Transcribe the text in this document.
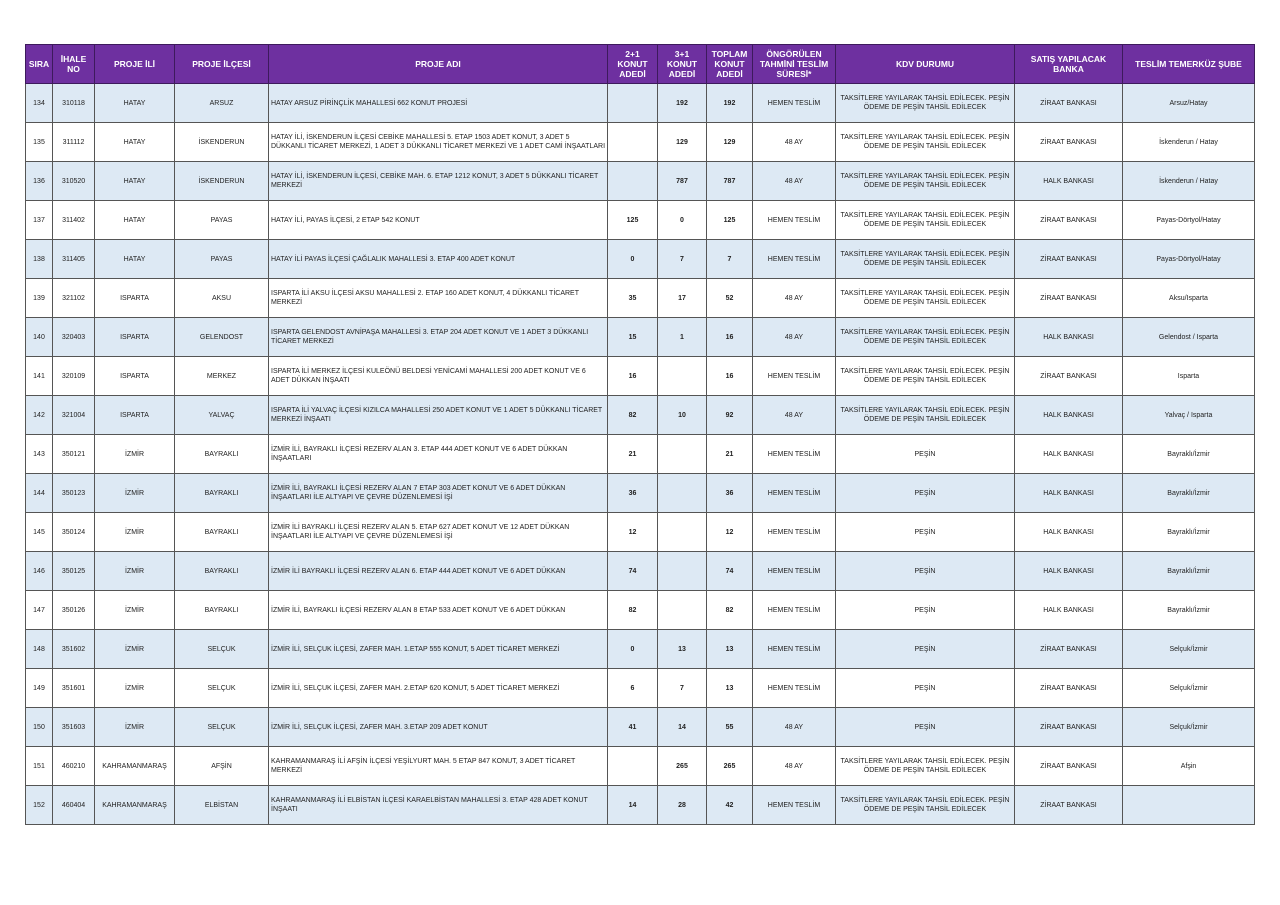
SIRA	İHALE NO	PROJE İLİ	PROJE İLÇESİ	PROJE ADI	2+1 KONUT ADEDİ	3+1 KONUT ADEDİ	TOPLAM KONUT ADEDİ	ÖNGÖRÜLEN TAHMİNİ TESLİM SÜRESİ*	KDV DURUMU	SATIŞ YAPILACAK BANKA	TESLİM TEMERKÜZ ŞUBE
134	310118	HATAY	ARSUZ	HATAY ARSUZ PİRİNÇLİK MAHALLESİ 662 KONUT PROJESİ		192	192	HEMEN TESLİM	TAKSİTLERE YAYILARAK TAHSİL EDİLECEK. PEŞİN ÖDEME DE PEŞİN TAHSİL EDİLECEK	ZİRAAT BANKASI	Arsuz/Hatay
135	311112	HATAY	İSKENDERUN	HATAY İLİ, İSKENDERUN İLÇESİ CEBİKE MAHALLESİ 5. ETAP 1503 ADET KONUT, 3 ADET 5 DÜKKANLI TİCARET MERKEZİ, 1 ADET 3 DÜKKANLI TİCARET MERKEZİ VE 1 ADET CAMİ İNŞAATLARI		129	129	48 AY	TAKSİTLERE YAYILARAK TAHSİL EDİLECEK. PEŞİN ÖDEME DE PEŞİN TAHSİL EDİLECEK	ZİRAAT BANKASI	İskenderun / Hatay
136	310520	HATAY	İSKENDERUN	HATAY İLİ, İSKENDERUN İLÇESİ, CEBİKE MAH. 6. ETAP 1212 KONUT, 3 ADET 5 DÜKKANLI TİCARET MERKEZİ		787	787	48 AY	TAKSİTLERE YAYILARAK TAHSİL EDİLECEK. PEŞİN ÖDEME DE PEŞİN TAHSİL EDİLECEK	HALK BANKASI	İskenderun / Hatay
137	311402	HATAY	PAYAS	HATAY İLİ, PAYAS İLÇESİ, 2 ETAP 542 KONUT	125	0	125	HEMEN TESLİM	TAKSİTLERE YAYILARAK TAHSİL EDİLECEK. PEŞİN ÖDEME DE PEŞİN TAHSİL EDİLECEK	ZİRAAT BANKASI	Payas-Dörtyol/Hatay
138	311405	HATAY	PAYAS	HATAY İLİ PAYAS İLÇESİ ÇAĞLALIK MAHALLESİ 3. ETAP 400 ADET KONUT	0	7	7	HEMEN TESLİM	TAKSİTLERE YAYILARAK TAHSİL EDİLECEK. PEŞİN ÖDEME DE PEŞİN TAHSİL EDİLECEK	ZİRAAT BANKASI	Payas-Dörtyol/Hatay
139	321102	ISPARTA	AKSU	ISPARTA İLİ AKSU İLÇESİ AKSU MAHALLESİ 2. ETAP 160 ADET KONUT, 4 DÜKKANLI TİCARET MERKEZİ	35	17	52	48 AY	TAKSİTLERE YAYILARAK TAHSİL EDİLECEK. PEŞİN ÖDEME DE PEŞİN TAHSİL EDİLECEK	ZİRAAT BANKASI	Aksu/Isparta
140	320403	ISPARTA	GELENDOST	ISPARTA GELENDOST AVNİPAŞA MAHALLESİ 3. ETAP 204 ADET KONUT VE 1 ADET 3 DÜKKANLI TİCARET MERKEZİ	15	1	16	48 AY	TAKSİTLERE YAYILARAK TAHSİL EDİLECEK. PEŞİN ÖDEME DE PEŞİN TAHSİL EDİLECEK	HALK BANKASI	Gelendost / Isparta
141	320109	ISPARTA	MERKEZ	ISPARTA İLİ MERKEZ İLÇESİ KULEÖNÜ BELDESİ YENİCAMİ MAHALLESİ 200 ADET KONUT VE 6 ADET DÜKKAN İNŞAATI	16		16	HEMEN TESLİM	TAKSİTLERE YAYILARAK TAHSİL EDİLECEK. PEŞİN ÖDEME DE PEŞİN TAHSİL EDİLECEK	ZİRAAT BANKASI	Isparta
142	321004	ISPARTA	YALVAÇ	ISPARTA İLİ YALVAÇ İLÇESİ KIZILCA MAHALLESİ 250 ADET KONUT VE 1 ADET 5 DÜKKANLI TİCARET MERKEZİ İNŞAATI	82	10	92	48 AY	TAKSİTLERE YAYILARAK TAHSİL EDİLECEK. PEŞİN ÖDEME DE PEŞİN TAHSİL EDİLECEK	HALK BANKASI	Yalvaç / Isparta
143	350121	İZMİR	BAYRAKLI	İZMİR İLİ, BAYRAKLI İLÇESİ REZERV ALAN 3. ETAP 444 ADET KONUT VE 6 ADET DÜKKAN İNŞAATLARI	21		21	HEMEN TESLİM	PEŞİN	HALK BANKASI	Bayraklı/İzmir
144	350123	İZMİR	BAYRAKLI	İZMİR İLİ, BAYRAKLI İLÇESİ REZERV ALAN 7 ETAP 303 ADET KONUT VE 6 ADET DÜKKAN İNŞAATLARI İLE ALTYAPI VE ÇEVRE DÜZENLEMESİ İŞİ	36		36	HEMEN TESLİM	PEŞİN	HALK BANKASI	Bayraklı/İzmir
145	350124	İZMİR	BAYRAKLI	İZMİR İLİ BAYRAKLI İLÇESİ REZERV ALAN 5. ETAP 627 ADET KONUT VE 12 ADET DÜKKAN İNŞAATLARI İLE ALTYAPI VE ÇEVRE DÜZENLEMESİ İŞİ	12		12	HEMEN TESLİM	PEŞİN	HALK BANKASI	Bayraklı/İzmir
146	350125	İZMİR	BAYRAKLI	İZMİR İLİ BAYRAKLI İLÇESİ REZERV ALAN 6. ETAP 444 ADET KONUT VE 6 ADET DÜKKAN	74		74	HEMEN TESLİM	PEŞİN	HALK BANKASI	Bayraklı/İzmir
147	350126	İZMİR	BAYRAKLI	İZMİR İLİ, BAYRAKLI İLÇESİ REZERV ALAN 8 ETAP 533 ADET KONUT VE 6 ADET DÜKKAN	82		82	HEMEN TESLİM	PEŞİN	HALK BANKASI	Bayraklı/İzmir
148	351602	İZMİR	SELÇUK	İZMİR İLİ, SELÇUK İLÇESİ, ZAFER MAH. 1.ETAP 555 KONUT, 5 ADET TİCARET MERKEZİ	0	13	13	HEMEN TESLİM	PEŞİN	ZİRAAT BANKASI	Selçuk/İzmir
149	351601	İZMİR	SELÇUK	İZMİR İLİ, SELÇUK İLÇESİ, ZAFER MAH. 2.ETAP 620 KONUT, 5 ADET TİCARET MERKEZİ	6	7	13	HEMEN TESLİM	PEŞİN	ZİRAAT BANKASI	Selçuk/İzmir
150	351603	İZMİR	SELÇUK	İZMİR İLİ, SELÇUK İLÇESİ, ZAFER MAH. 3.ETAP 209 ADET KONUT	41	14	55	48 AY	PEŞİN	ZİRAAT BANKASI	Selçuk/İzmir
151	460210	KAHRAMANMARAŞ	AFŞİN	KAHRAMANMARAŞ İLİ AFŞİN İLÇESİ YEŞİLYURT MAH. 5 ETAP 847 KONUT, 3 ADET TİCARET MERKEZİ		265	265	48 AY	TAKSİTLERE YAYILARAK TAHSİL EDİLECEK. PEŞİN ÖDEME DE PEŞİN TAHSİL EDİLECEK	ZİRAAT BANKASI	Afşin
152	460404	KAHRAMANMARAŞ	ELBİSTAN	KAHRAMANMARAŞ İLİ ELBİSTAN İLÇESİ KARAELBİSTAN MAHALLESİ 3. ETAP 428 ADET KONUT İNŞAATI	14	28	42	HEMEN TESLİM	TAKSİTLERE YAYILARAK TAHSİL EDİLECEK. PEŞİN ÖDEME DE PEŞİN TAHSİL EDİLECEK	ZİRAAT BANKASI	
